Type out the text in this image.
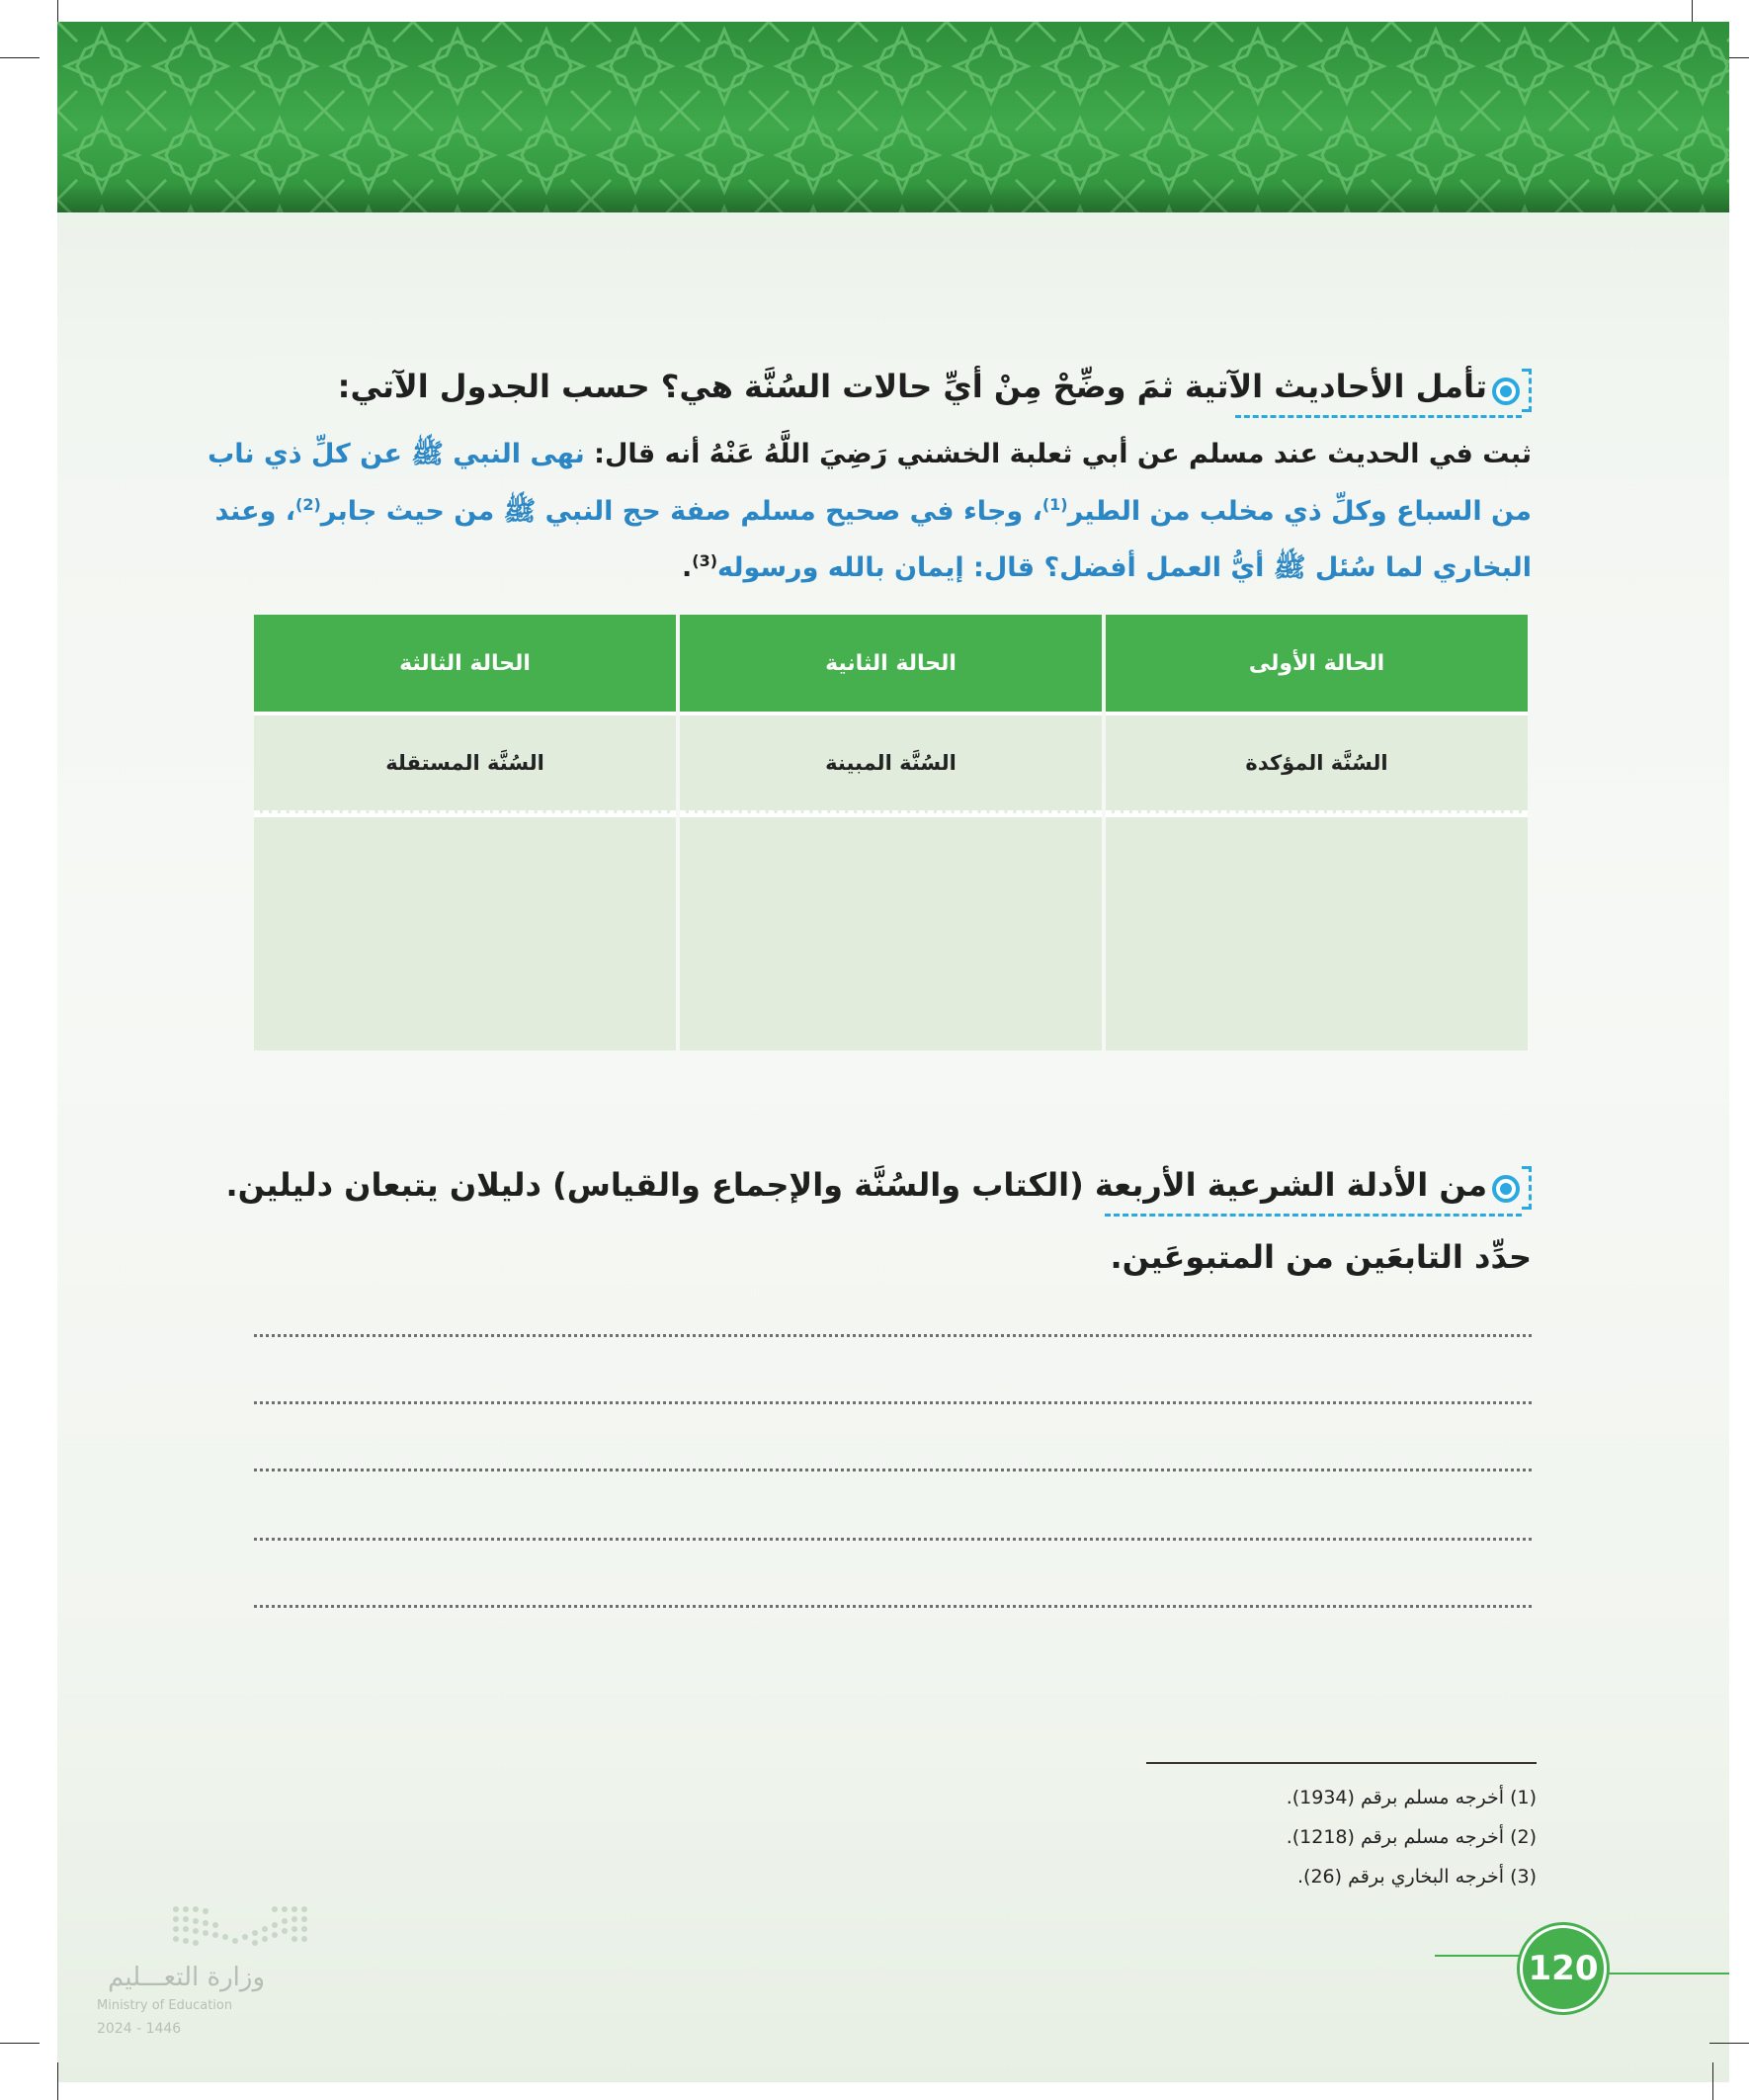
تأمل الأحاديث الآتية ثمَ وضِّحْ مِنْ أيِّ حالات السُنَّة هي؟ حسب الجدول الآتي:
ثبت في الحديث عند مسلم عن أبي ثعلبة الخشني رَضِيَ اللَّهُ عَنْهُ أنه قال: نهى النبي ﷺ عن كلِّ ذي ناب
من السباع وكلِّ ذي مخلب من الطير$^{(1)}$، وجاء في صحيح مسلم صفة حج النبي ﷺ من حيث جابر$^{(2)}$، وعند
البخاري لما سُئل ﷺ أيُّ العمل أفضل؟ قال: إيمان بالله ورسوله$^{(3)}$.
الحالة الأولى	الحالة الثانية	الحالة الثالثة
السُنَّة المؤكدة	السُنَّة المبينة	السُنَّة المستقلة

من الأدلة الشرعية الأربعة (الكتاب والسُنَّة والإجماع والقياس) دليلان يتبعان دليلين.
حدِّد التابعَين من المتبوعَين.
(1) أخرجه مسلم برقم (1934).
(2) أخرجه مسلم برقم (1218).
(3) أخرجه البخاري برقم (26).
وزارة التعـــليم
Ministry of Education
2024 - 1446
120
